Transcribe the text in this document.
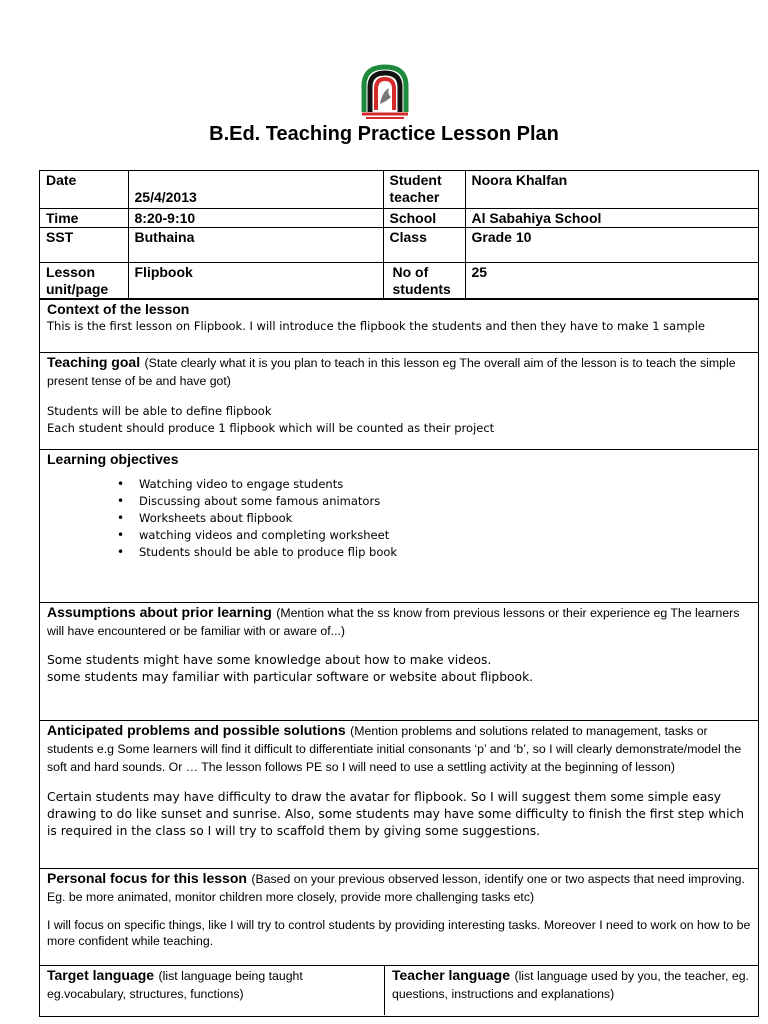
B.Ed. Teaching Practice Lesson Plan
Date	25/4/2013	Student teacher	Noora Khalfan
Time	8:20-9:10	School	Al Sabahiya School
SST	Buthaina	Class	Grade 10
Lesson unit/page	Flipbook	No of students	25

Context of the lesson
This is the first lesson on Flipbook. I will introduce the flipbook the students and then they have to make 1 sample

Teaching goal (State clearly what it is you plan to teach in this lesson eg The overall aim of the lesson is to teach the simple present tense of be and have got)
Students will be able to define flipbook
Each student should produce 1 flipbook which will be counted as their project

Learning objectives
• Watching video to engage students
• Discussing about some famous animators
• Worksheets about flipbook
• watching videos and completing worksheet
• Students should be able to produce flip book

Assumptions about prior learning (Mention what the ss know from previous lessons or their experience eg The learners will have encountered or be familiar with or aware of...)
Some students might have some knowledge about how to make videos.
some students may familiar with particular software or website about flipbook.

Anticipated problems and possible solutions (Mention problems and solutions related to management, tasks or students e.g Some learners will find it difficult to differentiate initial consonants ‘p’ and ‘b’, so I will clearly demonstrate/model the soft and hard sounds. Or … The lesson follows PE so I will need to use a settling activity at the beginning of lesson)
Certain students may have difficulty to draw the avatar for flipbook. So I will suggest them some simple easy drawing to do like sunset and sunrise. Also, some students may have some difficulty to finish the first step which is required in the class so I will try to scaffold them by giving some suggestions.

Personal focus for this lesson (Based on your previous observed lesson, identify one or two aspects that need improving. Eg. be more animated, monitor children more closely, provide more challenging tasks etc)
I will focus on specific things, like I will try to control students by providing interesting tasks. Moreover I need to work on how to be more confident while teaching.

Target language (list language being taught eg.vocabulary, structures, functions)	Teacher language (list language used by you, the teacher, eg. questions, instructions and explanations)
